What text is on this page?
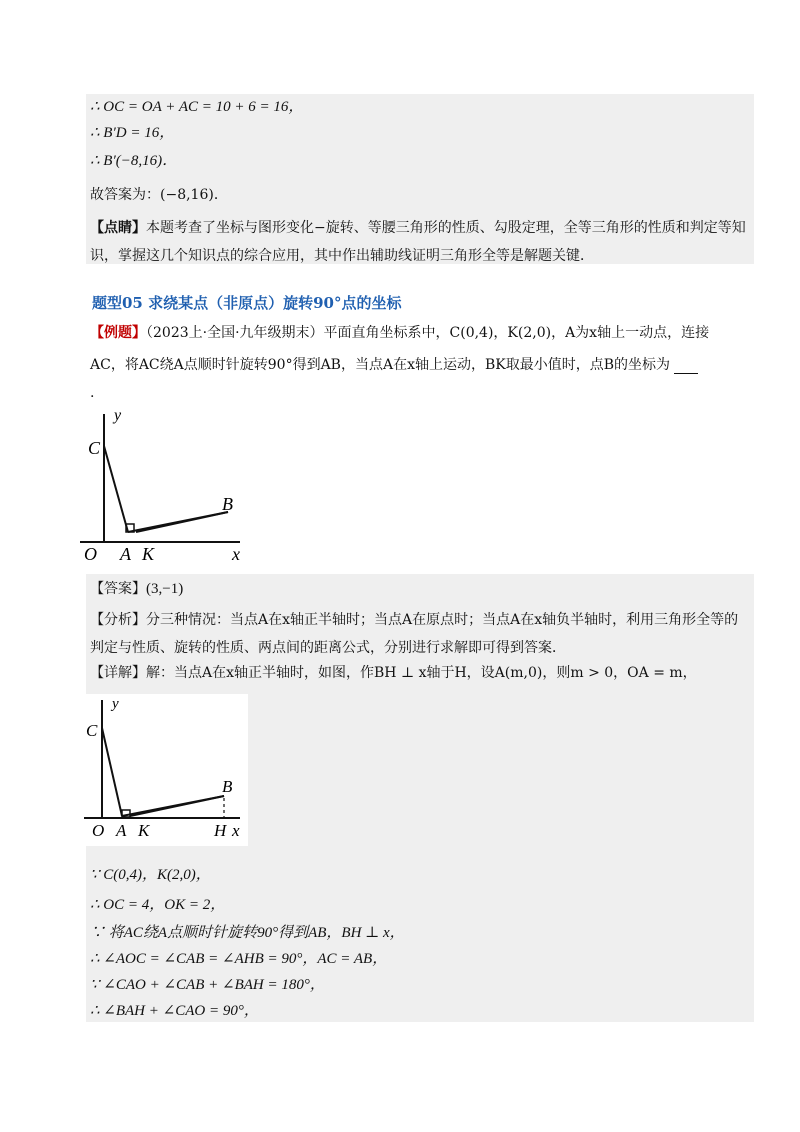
∴ OC = OA + AC = 10 + 6 = 16，
∴ B′D = 16，
∴ B′(−8,16)．
故答案为：(−8,16)．
【点睛】本题考查了坐标与图形变化−旋转、等腰三角形的性质、勾股定理，全等三角形的性质和判定等知识，掌握这几个知识点的综合应用，其中作出辅助线证明三角形全等是解题关键．
题型05 求绕某点（非原点）旋转90°点的坐标
【例题】（2023上·全国·九年级期末）平面直角坐标系中，C(0,4)，K(2,0)，A为x轴上一动点，连接
AC，将AC绕A点顺时针旋转90°得到AB，当点A在x轴上运动，BK取最小值时，点B的坐标为
.
y
C
B
O A K	x
【答案】(3,−1)
【分析】分三种情况：当点A在x轴正半轴时；当点A在原点时；当点A在x轴负半轴时，利用三角形全等的判定与性质、旋转的性质、两点间的距离公式，分别进行求解即可得到答案．
【详解】解：当点A在x轴正半轴时，如图，作BH ⊥ x轴于H，设A(m,0)，则m > 0，OA = m，
y
C
B
O A K	H x
∵ C(0,4)，K(2,0)，
∴ OC = 4，OK = 2，
∵ 将AC绕A点顺时针旋转90°得到AB，BH ⊥ x，
∴ ∠AOC = ∠CAB = ∠AHB = 90°，AC = AB，
∵ ∠CAO + ∠CAB + ∠BAH = 180°，
∴ ∠BAH + ∠CAO = 90°，
